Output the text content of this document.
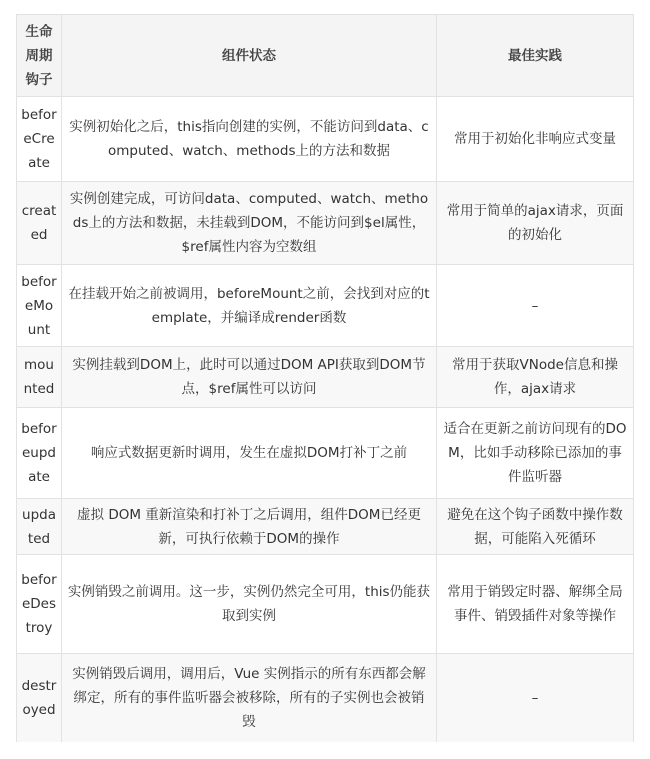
生命周期钩子	组件状态	最佳实践
beforeCreate	实例初始化之后，this指向创建的实例，不能访问到data、computed、watch、methods上的方法和数据	常用于初始化非响应式变量
created	实例创建完成，可访问data、computed、watch、methods上的方法和数据，未挂载到DOM，不能访问到$el属性，$ref属性内容为空数组	常用于简单的ajax请求，页面的初始化
beforeMount	在挂载开始之前被调用，beforeMount之前，会找到对应的template，并编译成render函数	–
mounted	实例挂载到DOM上，此时可以通过DOM API获取到DOM节点，$ref属性可以访问	常用于获取VNode信息和操作，ajax请求
beforeupdate	响应式数据更新时调用，发生在虚拟DOM打补丁之前	适合在更新之前访问现有的DOM，比如手动移除已添加的事件监听器
updated	虚拟 DOM 重新渲染和打补丁之后调用，组件DOM已经更新，可执行依赖于DOM的操作	避免在这个钩子函数中操作数据，可能陷入死循环
beforeDestroy	实例销毁之前调用。这一步，实例仍然完全可用，this仍能获取到实例	常用于销毁定时器、解绑全局事件、销毁插件对象等操作
destroyed	实例销毁后调用，调用后，Vue 实例指示的所有东西都会解绑定，所有的事件监听器会被移除，所有的子实例也会被销毁	–
